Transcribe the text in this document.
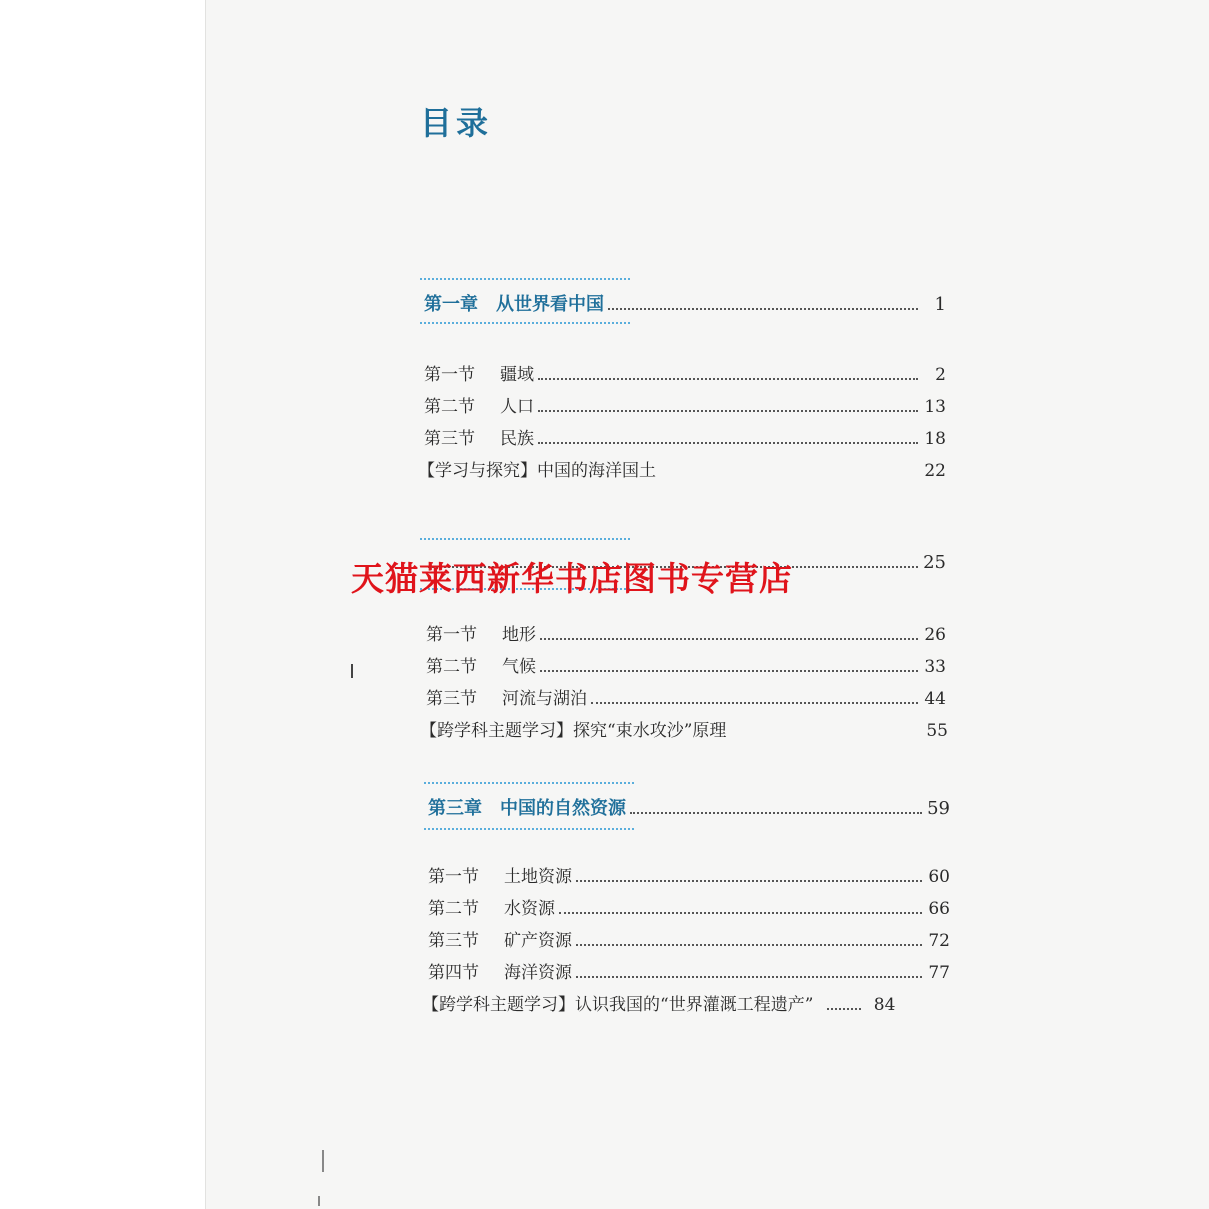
目录
第一章 从世界看中国	1
第一节	疆域	2
第二节	人口	13
第三节	民族	18
【学习与探究】中国的海洋国土	22
25
第一节	地形	26
第二节	气候	33
第三节	河流与湖泊	44
【跨学科主题学习】探究“束水攻沙”原理	55
第三章 中国的自然资源	59
第一节	土地资源	60
第二节	水资源	66
第三节	矿产资源	72
第四节	海洋资源	77
【跨学科主题学习】认识我国的“世界灌溉工程遗产”	84
天猫莱西新华书店图书专营店
